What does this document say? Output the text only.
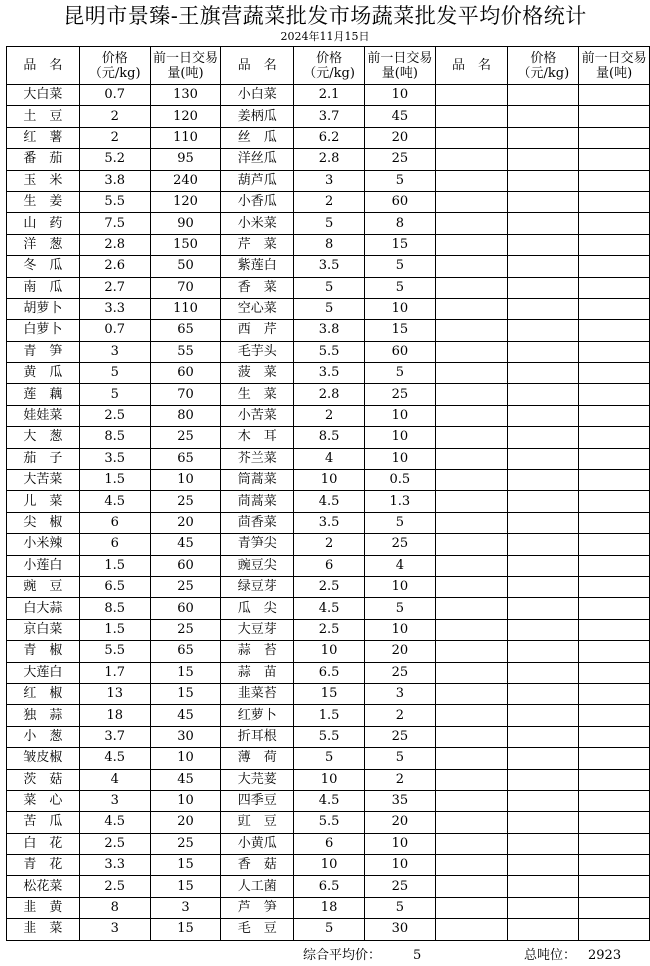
昆明市景臻-王旗营蔬菜批发市场蔬菜批发平均价格统计
2024年11月15日
品　名	价格（元/kg)	前一日交易量(吨)	品　名	价格（元/kg)	前一日交易量(吨)	品　名	价格（元/kg)	前一日交易量(吨)
大白菜	0.7	130	小白菜	2.1	10			
土　豆	2	120	姜柄瓜	3.7	45			
红　薯	2	110	丝　瓜	6.2	20			
番　茄	5.2	95	洋丝瓜	2.8	25			
玉　米	3.8	240	葫芦瓜	3	5			
生　姜	5.5	120	小香瓜	2	60			
山　药	7.5	90	小米菜	5	8			
洋　葱	2.8	150	芹　菜	8	15			
冬　瓜	2.6	50	紫莲白	3.5	5			
南　瓜	2.7	70	香　菜	5	5			
胡萝卜	3.3	110	空心菜	5	10			
白萝卜	0.7	65	西　芹	3.8	15			
青　笋	3	55	毛芋头	5.5	60			
黄　瓜	5	60	菠　菜	3.5	5			
莲　藕	5	70	生　菜	2.8	25			
娃娃菜	2.5	80	小苦菜	2	10			
大　葱	8.5	25	木　耳	8.5	10			
茄　子	3.5	65	芥兰菜	4	10			
大苦菜	1.5	10	筒蒿菜	10	0.5			
儿　菜	4.5	25	茼蒿菜	4.5	1.3			
尖　椒	6	20	茴香菜	3.5	5			
小米辣	6	45	青笋尖	2	25			
小莲白	1.5	60	豌豆尖	6	4			
豌　豆	6.5	25	绿豆芽	2.5	10			
白大蒜	8.5	60	瓜　尖	4.5	5			
京白菜	1.5	25	大豆芽	2.5	10			
青　椒	5.5	65	蒜　苔	10	20			
大莲白	1.7	15	蒜　苗	6.5	25			
红　椒	13	15	韭菜苔	15	3			
独　蒜	18	45	红萝卜	1.5	2			
小　葱	3.7	30	折耳根	5.5	25			
皱皮椒	4.5	10	薄　荷	5	5			
茨　菇	4	45	大芫荽	10	2			
菜　心	3	10	四季豆	4.5	35			
苦　瓜	4.5	20	豇　豆	5.5	20			
白　花	2.5	25	小黄瓜	6	10			
青　花	3.3	15	香　菇	10	10			
松花菜	2.5	15	人工菌	6.5	25			
韭　黄	8	3	芦　笋	18	5			
韭　菜	3	15	毛　豆	5	30			
综合平均价： 5	总吨位： 2923
